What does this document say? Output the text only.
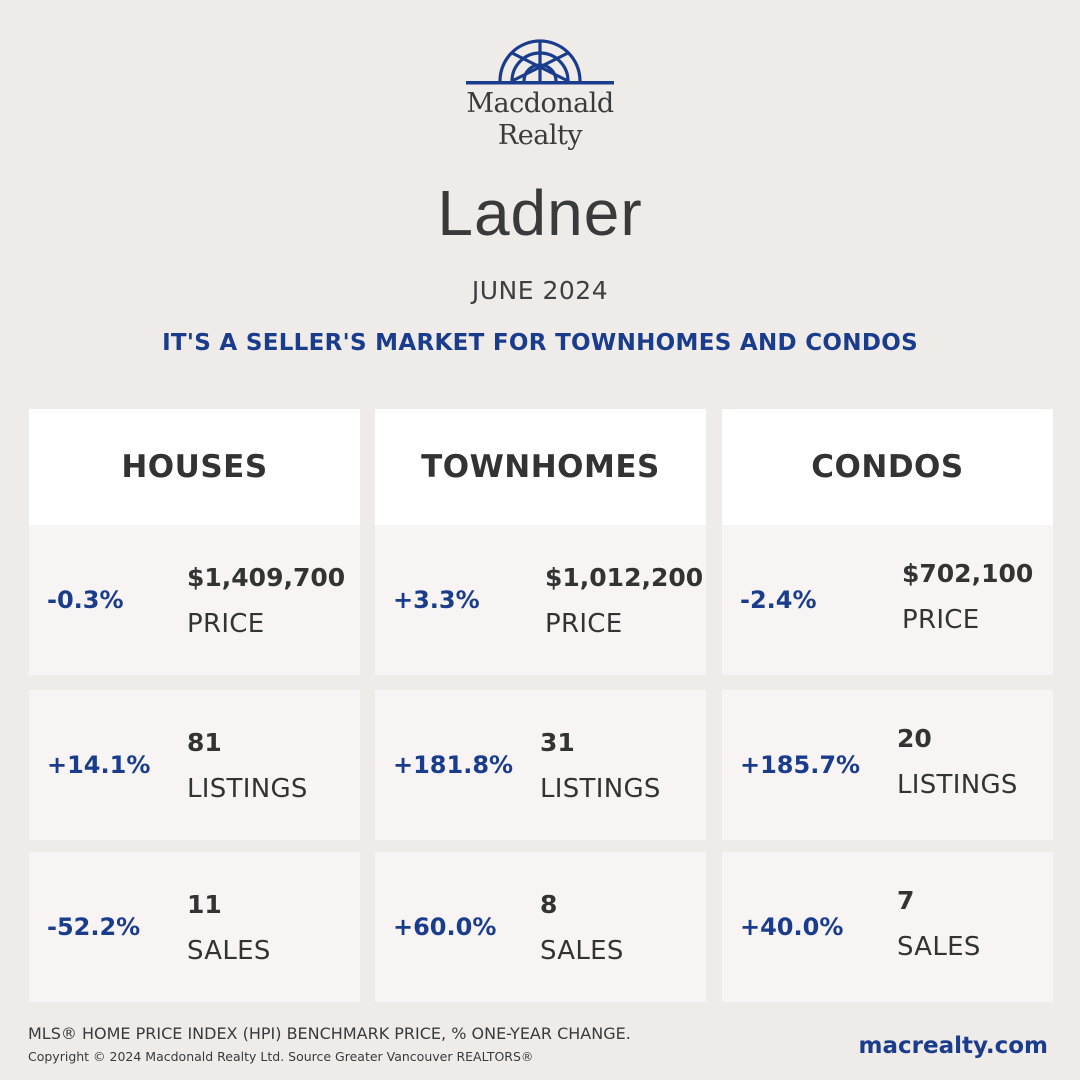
Macdonald
Realty
Ladner
JUNE 2024
IT'S A SELLER'S MARKET FOR TOWNHOMES AND CONDOS
HOUSES
-0.3%
$1,409,700
PRICE
+14.1%
81
LISTINGS
-52.2%
11
SALES
TOWNHOMES
+3.3%
$1,012,200
PRICE
+181.8%
31
LISTINGS
+60.0%
8
SALES
CONDOS
-2.4%
$702,100
PRICE
+185.7%
20
LISTINGS
+40.0%
7
SALES
MLS® HOME PRICE INDEX (HPI) BENCHMARK PRICE, % ONE-YEAR CHANGE.
Copyright © 2024 Macdonald Realty Ltd. Source Greater Vancouver REALTORS®	macrealty.com
